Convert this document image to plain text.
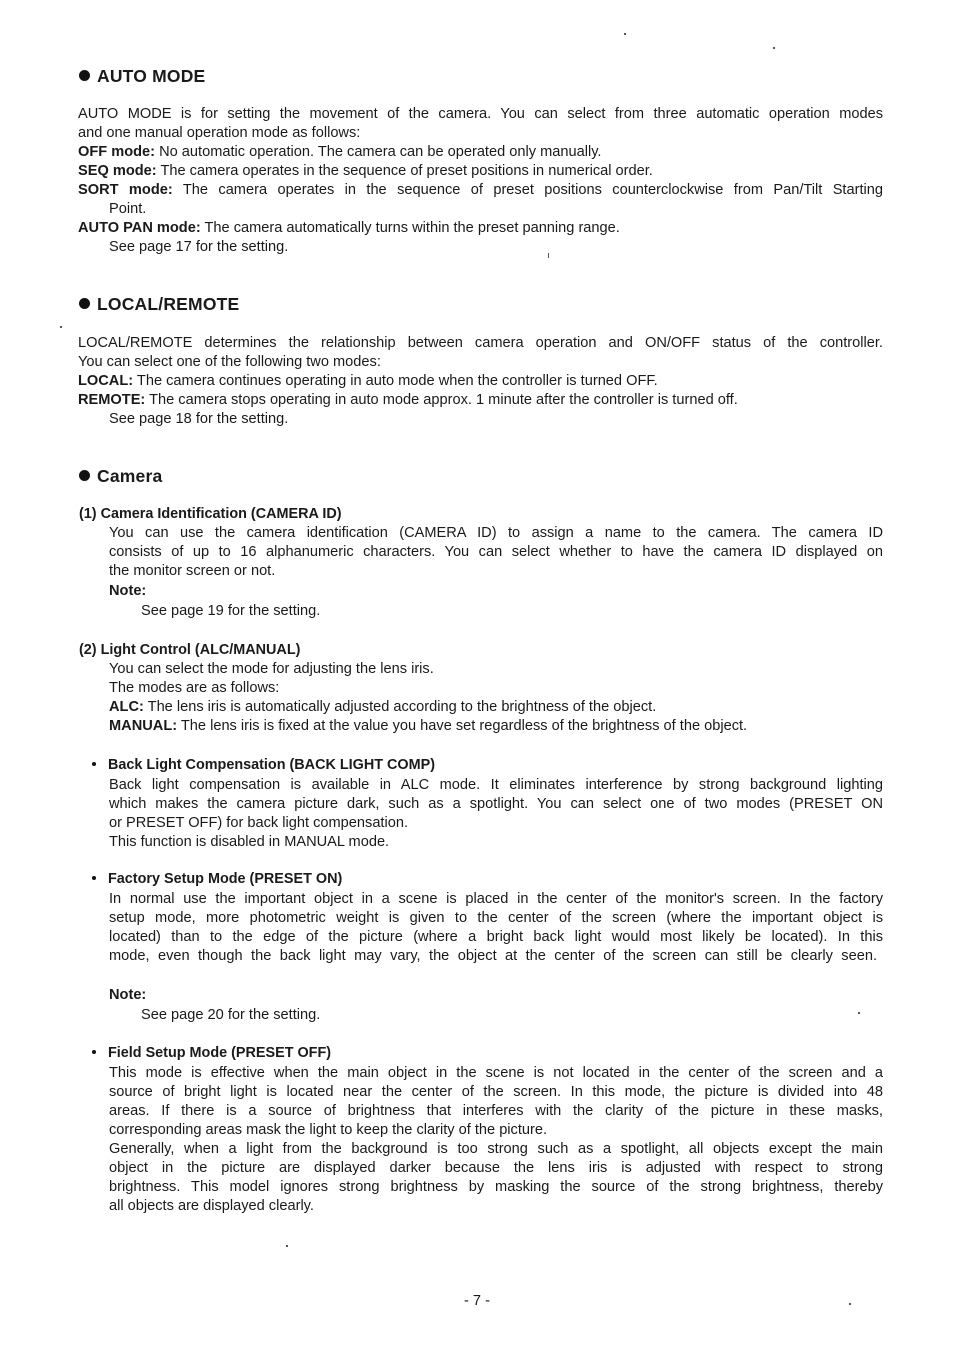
AUTO MODE
AUTO MODE is for setting the movement of the camera. You can select from three automatic operation modes
and one manual operation mode as follows:
OFF mode: No automatic operation. The camera can be operated only manually.
SEQ mode: The camera operates in the sequence of preset positions in numerical order.
SORT mode: The camera operates in the sequence of preset positions counterclockwise from Pan/Tilt Starting
Point.
AUTO PAN mode: The camera automatically turns within the preset panning range.
See page 17 for the setting.
LOCAL/REMOTE
LOCAL/REMOTE determines the relationship between camera operation and ON/OFF status of the controller.
You can select one of the following two modes:
LOCAL: The camera continues operating in auto mode when the controller is turned OFF.
REMOTE: The camera stops operating in auto mode approx. 1 minute after the controller is turned off.
See page 18 for the setting.
Camera
(1) Camera Identification (CAMERA ID)
You can use the camera identification (CAMERA ID) to assign a name to the camera. The camera ID
consists of up to 16 alphanumeric characters. You can select whether to have the camera ID displayed on
the monitor screen or not.
Note:
See page 19 for the setting.
(2) Light Control (ALC/MANUAL)
You can select the mode for adjusting the lens iris.
The modes are as follows:
ALC: The lens iris is automatically adjusted according to the brightness of the object.
MANUAL: The lens iris is fixed at the value you have set regardless of the brightness of the object.
Back Light Compensation (BACK LIGHT COMP)
Back light compensation is available in ALC mode. It eliminates interference by strong background lighting
which makes the camera picture dark, such as a spotlight. You can select one of two modes (PRESET ON
or PRESET OFF) for back light compensation.
This function is disabled in MANUAL mode.
Factory Setup Mode (PRESET ON)
In normal use the important object in a scene is placed in the center of the monitor's screen. In the factory
setup mode, more photometric weight is given to the center of the screen (where the important object is
located) than to the edge of the picture (where a bright back light would most likely be located). In this
mode, even though the back light may vary, the object at the center of the screen can still be clearly seen.
Note:
See page 20 for the setting.
Field Setup Mode (PRESET OFF)
This mode is effective when the main object in the scene is not located in the center of the screen and a
source of bright light is located near the center of the screen. In this mode, the picture is divided into 48
areas. If there is a source of brightness that interferes with the clarity of the picture in these masks,
corresponding areas mask the light to keep the clarity of the picture.
Generally, when a light from the background is too strong such as a spotlight, all objects except the main
object in the picture are displayed darker because the lens iris is adjusted with respect to strong
brightness. This model ignores strong brightness by masking the source of the strong brightness, thereby
all objects are displayed clearly.
- 7 -
